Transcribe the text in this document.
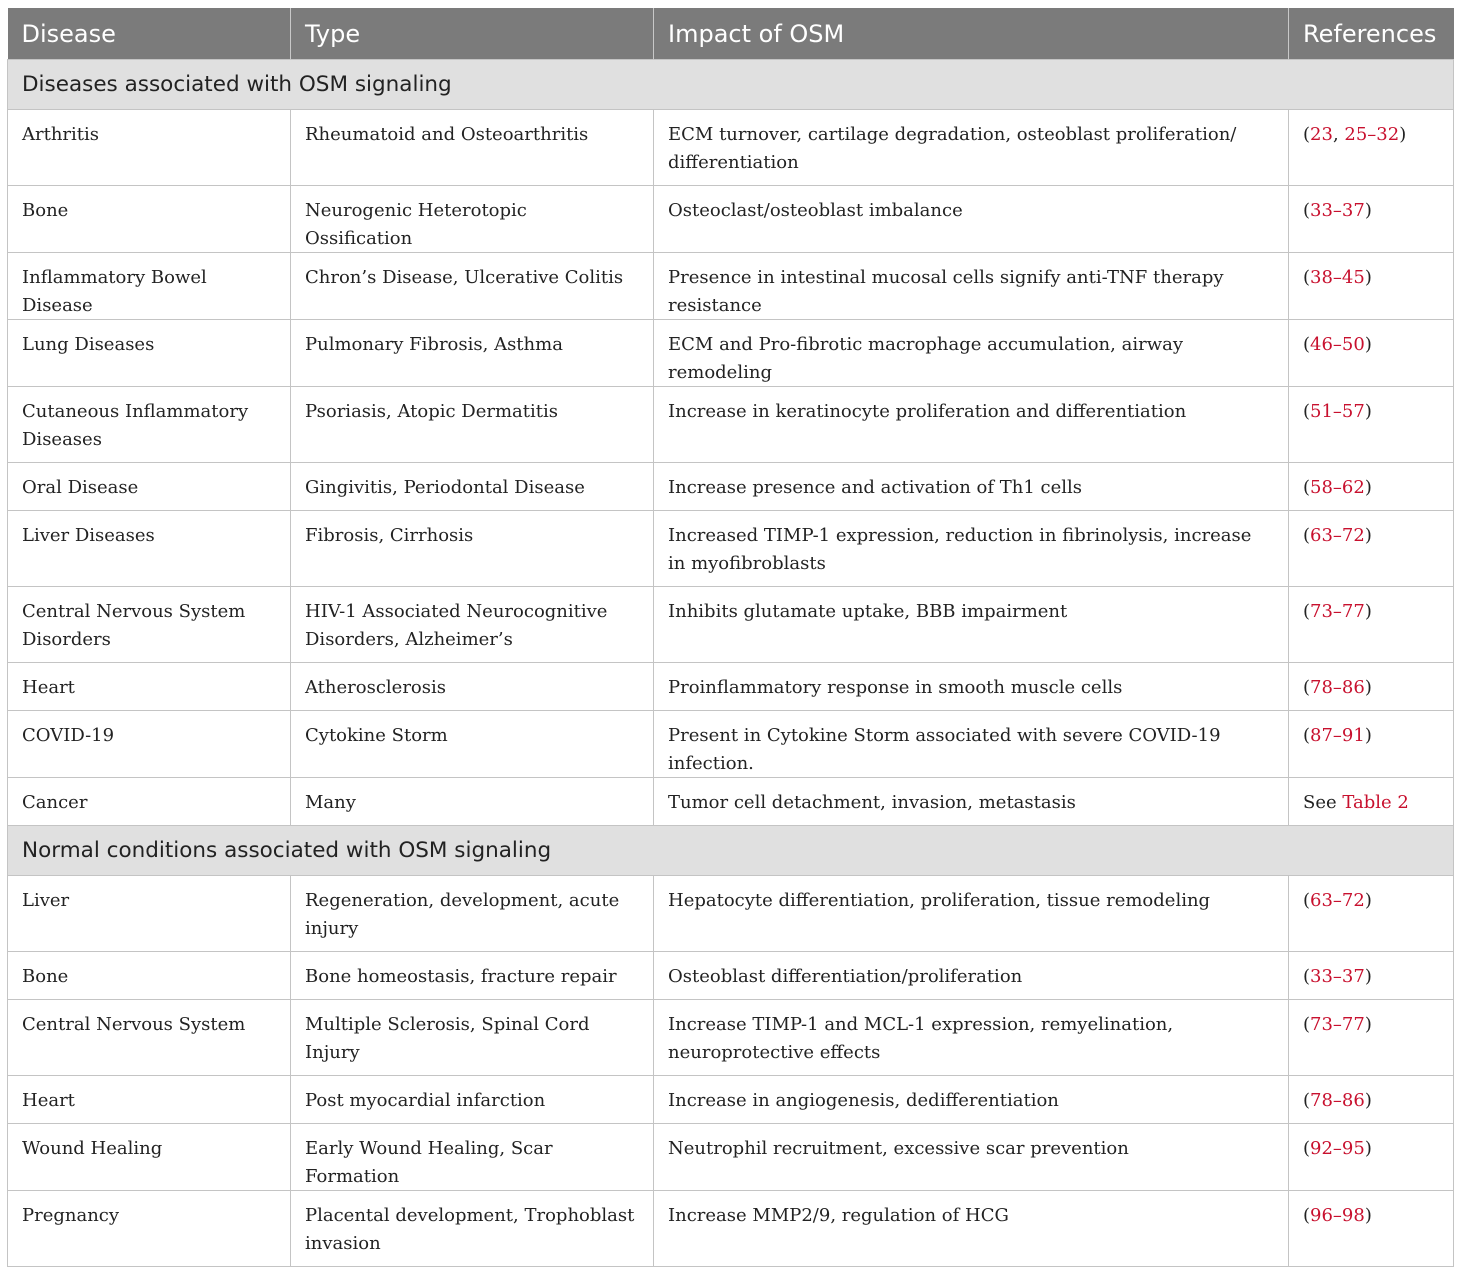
Disease	Type	Impact of OSM	References
Diseases associated with OSM signaling			
Arthritis	Rheumatoid and Osteoarthritis	ECM turnover, cartilage degradation, osteoblast proliferation/ differentiation	(23, 25–32)
Bone	Neurogenic Heterotopic Ossification	Osteoclast/osteoblast imbalance	(33–37)
Inflammatory Bowel Disease	Chron’s Disease, Ulcerative Colitis	Presence in intestinal mucosal cells signify anti-TNF therapy resistance	(38–45)
Lung Diseases	Pulmonary Fibrosis, Asthma	ECM and Pro-fibrotic macrophage accumulation, airway remodeling	(46–50)
Cutaneous Inflammatory Diseases	Psoriasis, Atopic Dermatitis	Increase in keratinocyte proliferation and differentiation	(51–57)
Oral Disease	Gingivitis, Periodontal Disease	Increase presence and activation of Th1 cells	(58–62)
Liver Diseases	Fibrosis, Cirrhosis	Increased TIMP-1 expression, reduction in fibrinolysis, increase in myofibroblasts	(63–72)
Central Nervous System Disorders	HIV-1 Associated Neurocognitive Disorders, Alzheimer’s	Inhibits glutamate uptake, BBB impairment	(73–77)
Heart	Atherosclerosis	Proinflammatory response in smooth muscle cells	(78–86)
COVID-19	Cytokine Storm	Present in Cytokine Storm associated with severe COVID-19 infection.	(87–91)
Cancer	Many	Tumor cell detachment, invasion, metastasis	See Table 2
Normal conditions associated with OSM signaling			
Liver	Regeneration, development, acute injury	Hepatocyte differentiation, proliferation, tissue remodeling	(63–72)
Bone	Bone homeostasis, fracture repair	Osteoblast differentiation/proliferation	(33–37)
Central Nervous System	Multiple Sclerosis, Spinal Cord Injury	Increase TIMP-1 and MCL-1 expression, remyelination, neuroprotective effects	(73–77)
Heart	Post myocardial infarction	Increase in angiogenesis, dedifferentiation	(78–86)
Wound Healing	Early Wound Healing, Scar Formation	Neutrophil recruitment, excessive scar prevention	(92–95)
Pregnancy	Placental development, Trophoblast invasion	Increase MMP2/9, regulation of HCG	(96–98)
